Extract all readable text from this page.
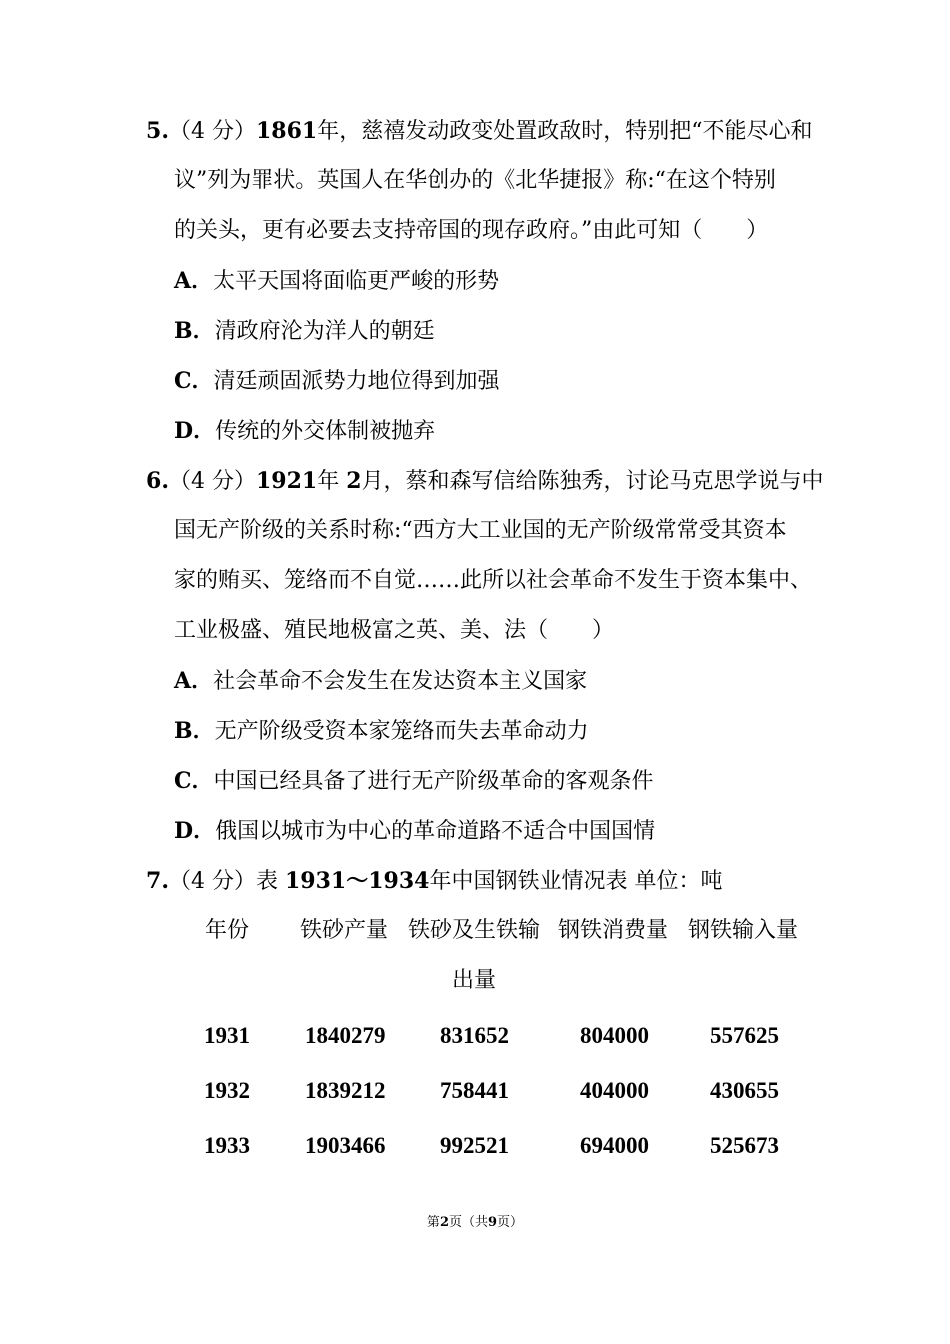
5.（4 分）1861年，慈禧发动政变处置政敌时，特别把“不能尽心和
议”列为罪状。英国人在华创办的《北华捷报》称:“在这个特别
的关头，更有必要去支持帝国的现存政府。”由此可知（　　）
A．太平天国将面临更严峻的形势
B．清政府沦为洋人的朝廷
C．清廷顽固派势力地位得到加强
D．传统的外交体制被抛弃
6.（4 分）1921年 2月，蔡和森写信给陈独秀，讨论马克思学说与中
国无产阶级的关系时称:“西方大工业国的无产阶级常常受其资本
家的贿买、笼络而不自觉……此所以社会革命不发生于资本集中、
工业极盛、殖民地极富之英、美、法（　　）
A．社会革命不会发生在发达资本主义国家
B．无产阶级受资本家笼络而失去革命动力
C．中国已经具备了进行无产阶级革命的客观条件
D．俄国以城市为中心的革命道路不适合中国国情
7.（4 分）表 1931～1934年中国钢铁业情况表 单位：吨
年份 铁砂产量 铁砂及生铁输 钢铁消费量 钢铁输入量
出量
1931 1840279 831652	804000	557625
1932 1839212 758441	404000	430655
1933 1903466 992521	694000	525673
第2页（共9页）
